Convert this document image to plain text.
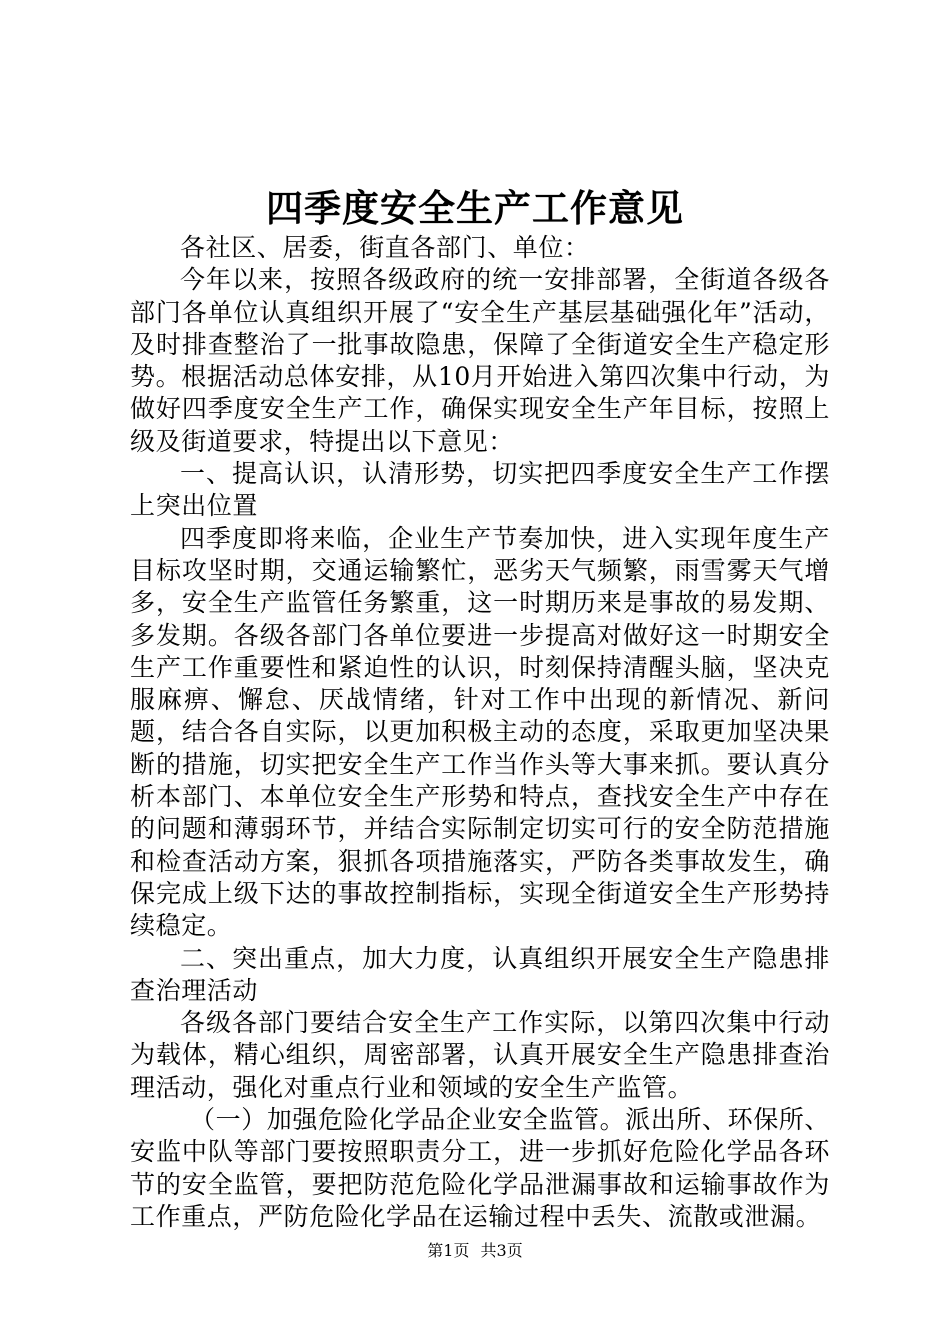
四季度安全生产工作意见

各社区、居委，街直各部门、单位：

今年以来，按照各级政府的统一安排部署，全街道各级各部门各单位认真组织开展了“安全生产基层基础强化年”活动，及时排查整治了一批事故隐患，保障了全街道安全生产稳定形势。根据活动总体安排，从10月开始进入第四次集中行动，为做好四季度安全生产工作，确保实现安全生产年目标，按照上级及街道要求，特提出以下意见：

一、提高认识，认清形势，切实把四季度安全生产工作摆上突出位置

四季度即将来临，企业生产节奏加快，进入实现年度生产目标攻坚时期，交通运输繁忙，恶劣天气频繁，雨雪雾天气增多，安全生产监管任务繁重，这一时期历来是事故的易发期、多发期。各级各部门各单位要进一步提高对做好这一时期安全生产工作重要性和紧迫性的认识，时刻保持清醒头脑，坚决克服麻痹、懈怠、厌战情绪，针对工作中出现的新情况、新问题，结合各自实际，以更加积极主动的态度，采取更加坚决果断的措施，切实把安全生产工作当作头等大事来抓。要认真分析本部门、本单位安全生产形势和特点，查找安全生产中存在的问题和薄弱环节，并结合实际制定切实可行的安全防范措施和检查活动方案，狠抓各项措施落实，严防各类事故发生，确保完成上级下达的事故控制指标，实现全街道安全生产形势持续稳定。

二、突出重点，加大力度，认真组织开展安全生产隐患排查治理活动

各级各部门要结合安全生产工作实际，以第四次集中行动为载体，精心组织，周密部署，认真开展安全生产隐患排查治理活动，强化对重点行业和领域的安全生产监管。

（一）加强危险化学品企业安全监管。派出所、环保所、安监中队等部门要按照职责分工，进一步抓好危险化学品各环节的安全监管，要把防范危险化学品泄漏事故和运输事故作为工作重点，严防危险化学品在运输过程中丢失、流散或泄漏。

第1页 共3页
